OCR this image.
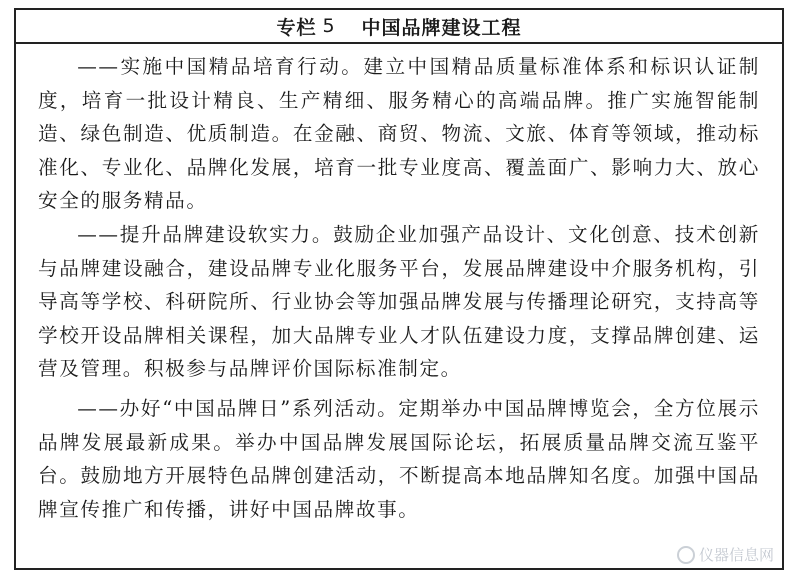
专栏 5 中国品牌建设工程

——实施中国精品培育行动。建立中国精品质量标准体系和标识认证制度，培育一批设计精良、生产精细、服务精心的高端品牌。推广实施智能制造、绿色制造、优质制造。在金融、商贸、物流、文旅、体育等领域，推动标准化、专业化、品牌化发展，培育一批专业度高、覆盖面广、影响力大、放心安全的服务精品。

——提升品牌建设软实力。鼓励企业加强产品设计、文化创意、技术创新与品牌建设融合，建设品牌专业化服务平台，发展品牌建设中介服务机构，引导高等学校、科研院所、行业协会等加强品牌发展与传播理论研究，支持高等学校开设品牌相关课程，加大品牌专业人才队伍建设力度，支撑品牌创建、运营及管理。积极参与品牌评价国际标准制定。

——办好“中国品牌日”系列活动。定期举办中国品牌博览会，全方位展示品牌发展最新成果。举办中国品牌发展国际论坛，拓展质量品牌交流互鉴平台。鼓励地方开展特色品牌创建活动，不断提高本地品牌知名度。加强中国品牌宣传推广和传播，讲好中国品牌故事。

仪器信息网
